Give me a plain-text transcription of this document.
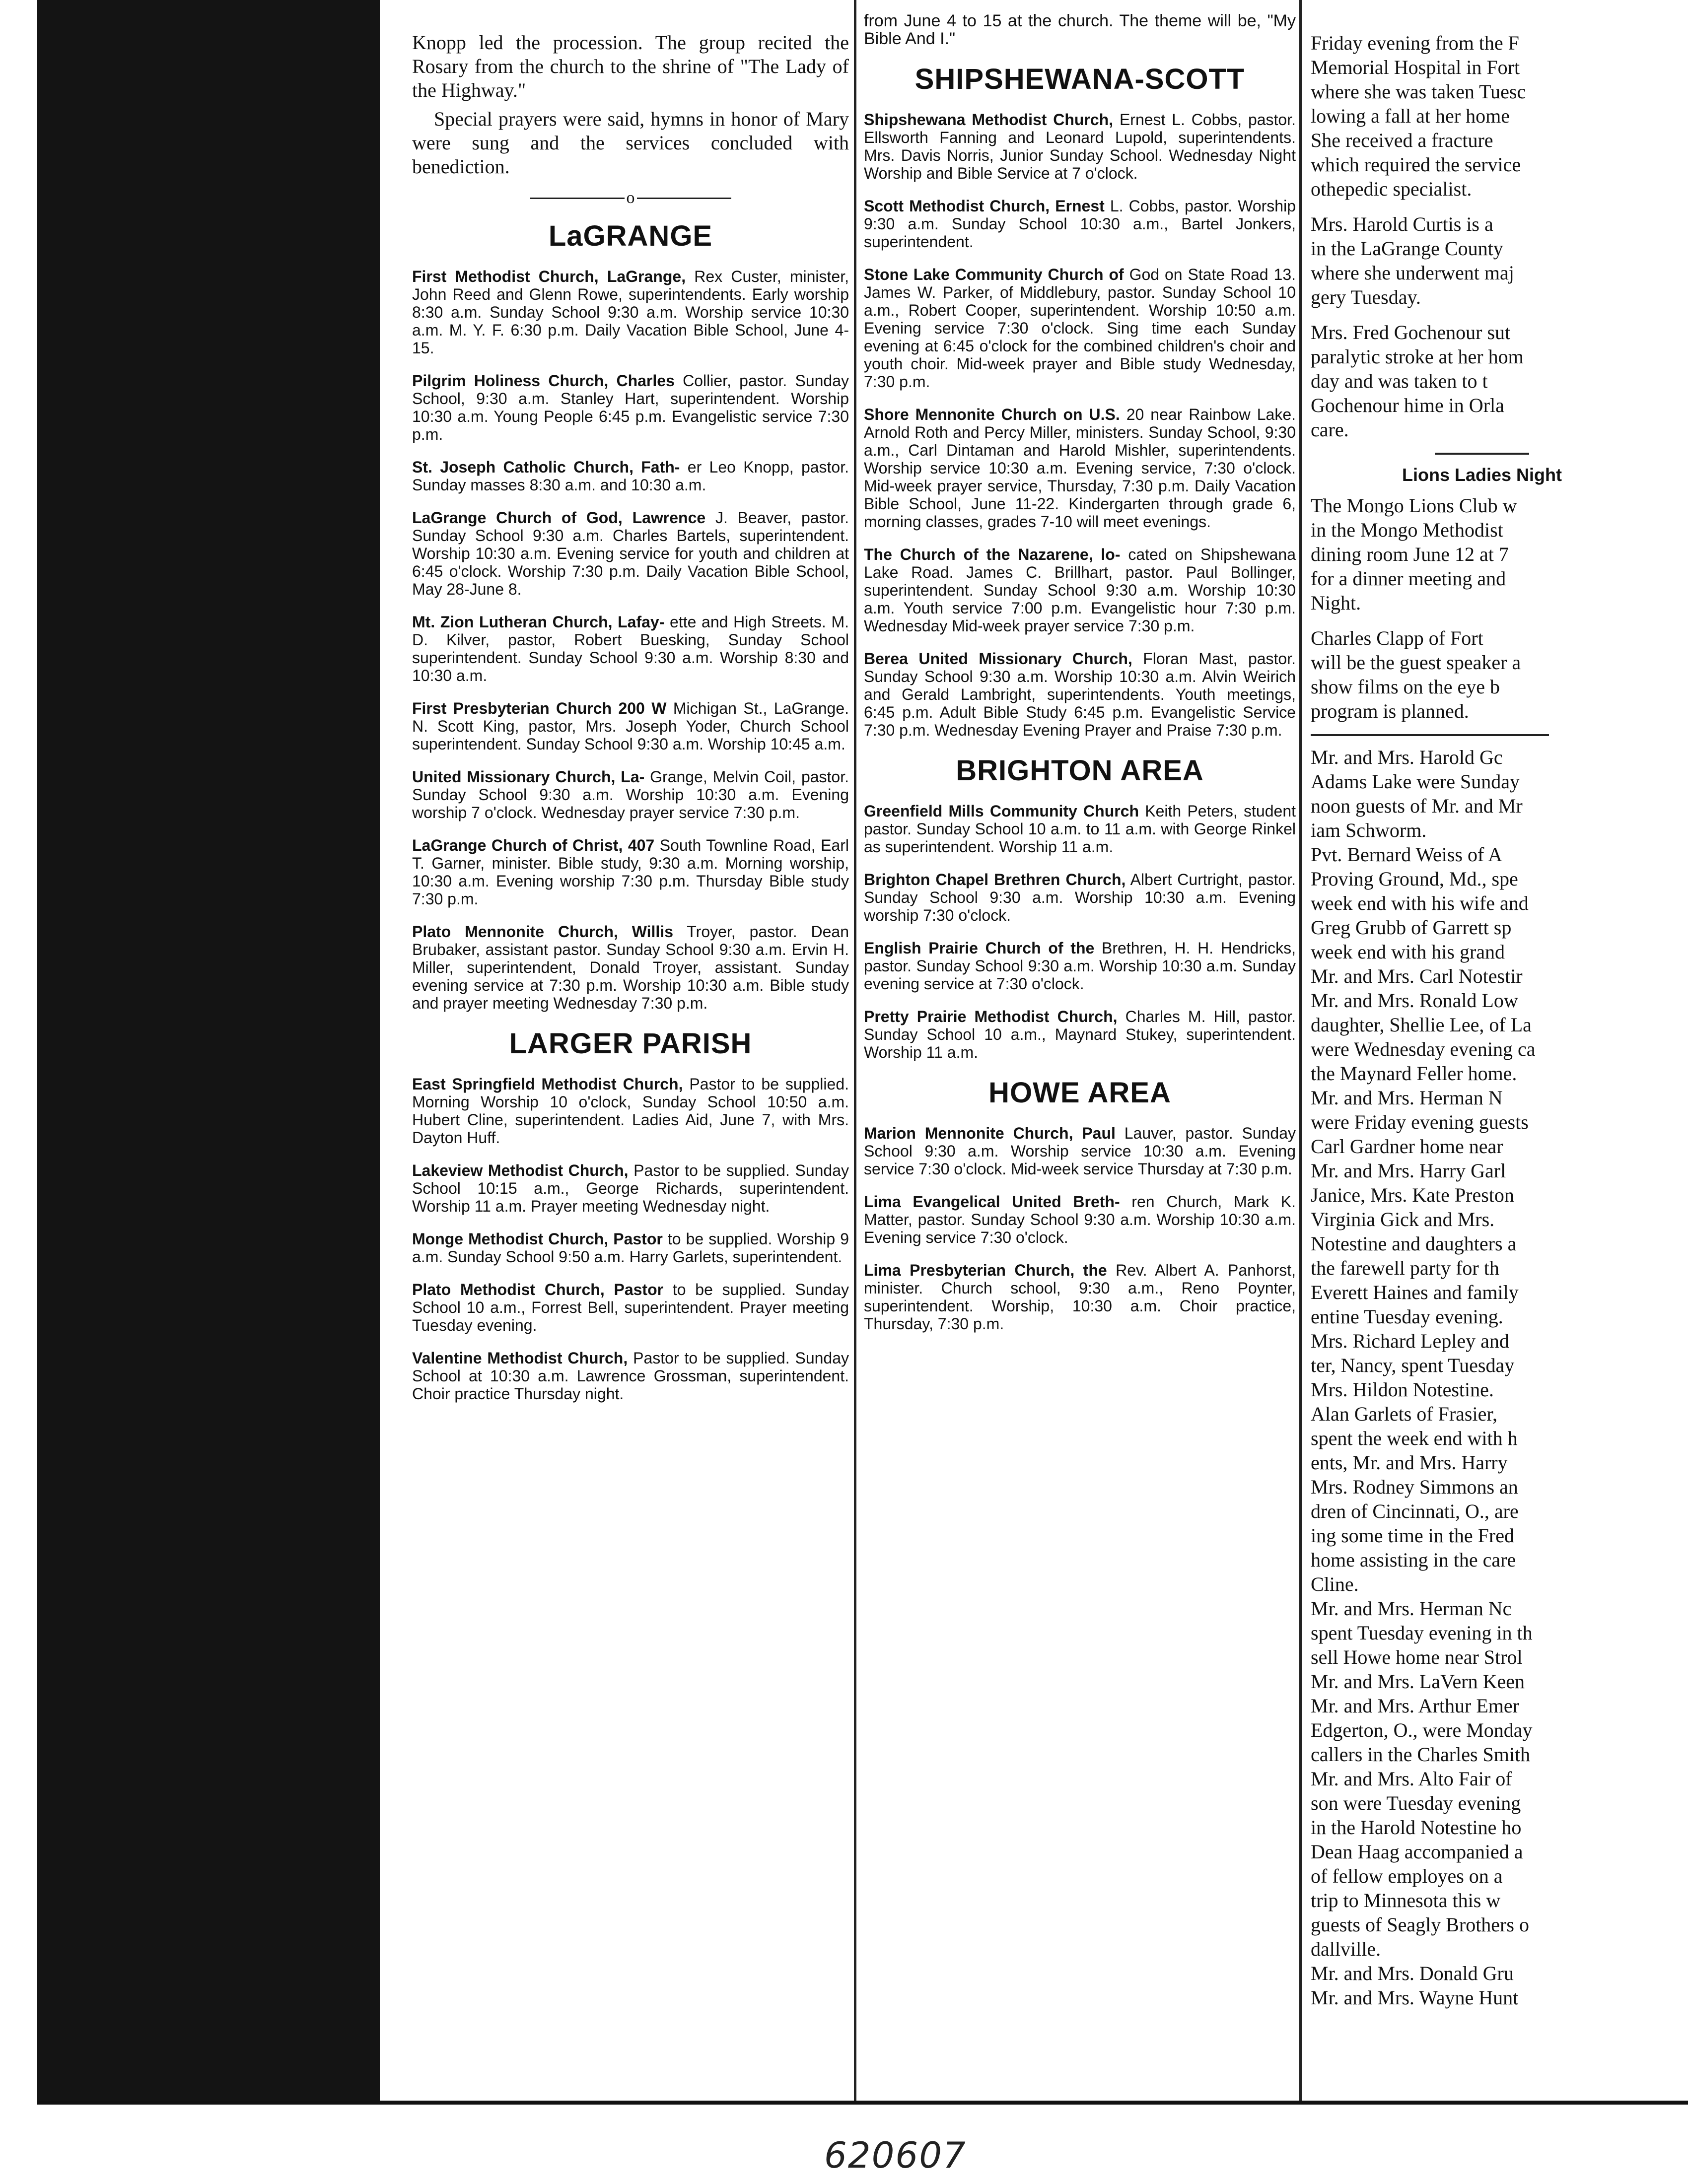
Knopp led the procession. The group recited the Rosary from the church to the shrine of "The Lady of the Highway."

Special prayers were said, hymns in honor of Mary were sung and the services concluded with benediction.

o
LaGRANGE

First Methodist Church, LaGrange, Rex Custer, minister, John Reed and Glenn Rowe, superintendents. Early worship 8:30 a.m. Sunday School 9:30 a.m. Worship service 10:30 a.m. M. Y. F. 6:30 p.m. Daily Vacation Bible School, June 4-15.

Pilgrim Holiness Church, Charles Collier, pastor. Sunday School, 9:30 a.m. Stanley Hart, superintendent. Worship 10:30 a.m. Young People 6:45 p.m. Evangelistic service 7:30 p.m.

St. Joseph Catholic Church, Fath- er Leo Knopp, pastor. Sunday masses 8:30 a.m. and 10:30 a.m.

LaGrange Church of God, Lawrence J. Beaver, pastor. Sunday School 9:30 a.m. Charles Bartels, superintendent. Worship 10:30 a.m. Evening service for youth and children at 6:45 o'clock. Worship 7:30 p.m. Daily Vacation Bible School, May 28-June 8.

Mt. Zion Lutheran Church, Lafay- ette and High Streets. M. D. Kilver, pastor, Robert Buesking, Sunday School superintendent. Sunday School 9:30 a.m. Worship 8:30 and 10:30 a.m.

First Presbyterian Church 200 W Michigan St., LaGrange. N. Scott King, pastor, Mrs. Joseph Yoder, Church School superintendent. Sunday School 9:30 a.m. Worship 10:45 a.m.

United Missionary Church, La- Grange, Melvin Coil, pastor. Sunday School 9:30 a.m. Worship 10:30 a.m. Evening worship 7 o'clock. Wednesday prayer service 7:30 p.m.

LaGrange Church of Christ, 407 South Townline Road, Earl T. Garner, minister. Bible study, 9:30 a.m. Morning worship, 10:30 a.m. Evening worship 7:30 p.m. Thursday Bible study 7:30 p.m.

Plato Mennonite Church, Willis Troyer, pastor. Dean Brubaker, assistant pastor. Sunday School 9:30 a.m. Ervin H. Miller, superintendent, Donald Troyer, assistant. Sunday evening service at 7:30 p.m. Worship 10:30 a.m. Bible study and prayer meeting Wednesday 7:30 p.m.

LARGER PARISH

East Springfield Methodist Church, Pastor to be supplied. Morning Worship 10 o'clock, Sunday School 10:50 a.m. Hubert Cline, superintendent. Ladies Aid, June 7, with Mrs. Dayton Huff.

Lakeview Methodist Church, Pastor to be supplied. Sunday School 10:15 a.m., George Richards, superintendent. Worship 11 a.m. Prayer meeting Wednesday night.

Monge Methodist Church, Pastor to be supplied. Worship 9 a.m. Sunday School 9:50 a.m. Harry Garlets, superintendent.

Plato Methodist Church, Pastor to be supplied. Sunday School 10 a.m., Forrest Bell, superintendent. Prayer meeting Tuesday evening.

Valentine Methodist Church, Pastor to be supplied. Sunday School at 10:30 a.m. Lawrence Grossman, superintendent. Choir practice Thursday night.

from June 4 to 15 at the church. The theme will be, "My Bible And I."

SHIPSHEWANA-SCOTT

Shipshewana Methodist Church, Ernest L. Cobbs, pastor. Ellsworth Fanning and Leonard Lupold, superintendents. Mrs. Davis Norris, Junior Sunday School. Wednesday Night Worship and Bible Service at 7 o'clock.

Scott Methodist Church, Ernest L. Cobbs, pastor. Worship 9:30 a.m. Sunday School 10:30 a.m., Bartel Jonkers, superintendent.

Stone Lake Community Church of God on State Road 13. James W. Parker, of Middlebury, pastor. Sunday School 10 a.m., Robert Cooper, superintendent. Worship 10:50 a.m. Evening service 7:30 o'clock. Sing time each Sunday evening at 6:45 o'clock for the combined children's choir and youth choir. Mid-week prayer and Bible study Wednesday, 7:30 p.m.

Shore Mennonite Church on U.S. 20 near Rainbow Lake. Arnold Roth and Percy Miller, ministers. Sunday School, 9:30 a.m., Carl Dintaman and Harold Mishler, superintendents. Worship service 10:30 a.m. Evening service, 7:30 o'clock. Mid-week prayer service, Thursday, 7:30 p.m. Daily Vacation Bible School, June 11-22. Kindergarten through grade 6, morning classes, grades 7-10 will meet evenings.

The Church of the Nazarene, lo- cated on Shipshewana Lake Road. James C. Brillhart, pastor. Paul Bollinger, superintendent. Sunday School 9:30 a.m. Worship 10:30 a.m. Youth service 7:00 p.m. Evangelistic hour 7:30 p.m. Wednesday Mid-week prayer service 7:30 p.m.

Berea United Missionary Church, Floran Mast, pastor. Sunday School 9:30 a.m. Worship 10:30 a.m. Alvin Weirich and Gerald Lambright, superintendents. Youth meetings, 6:45 p.m. Adult Bible Study 6:45 p.m. Evangelistic Service 7:30 p.m. Wednesday Evening Prayer and Praise 7:30 p.m.

BRIGHTON AREA

Greenfield Mills Community Church Keith Peters, student pastor. Sunday School 10 a.m. to 11 a.m. with George Rinkel as superintendent. Worship 11 a.m.

Brighton Chapel Brethren Church, Albert Curtright, pastor. Sunday School 9:30 a.m. Worship 10:30 a.m. Evening worship 7:30 o'clock.

English Prairie Church of the Brethren, H. H. Hendricks, pastor. Sunday School 9:30 a.m. Worship 10:30 a.m. Sunday evening service at 7:30 o'clock.

Pretty Prairie Methodist Church, Charles M. Hill, pastor. Sunday School 10 a.m., Maynard Stukey, superintendent. Worship 11 a.m.

HOWE AREA

Marion Mennonite Church, Paul Lauver, pastor. Sunday School 9:30 a.m. Worship service 10:30 a.m. Evening service 7:30 o'clock. Mid-week service Thursday at 7:30 p.m.

Lima Evangelical United Breth- ren Church, Mark K. Matter, pastor. Sunday School 9:30 a.m. Worship 10:30 a.m. Evening service 7:30 o'clock.

Lima Presbyterian Church, the Rev. Albert A. Panhorst, minister. Church school, 9:30 a.m., Reno Poynter, superintendent. Worship, 10:30 a.m. Choir practice, Thursday, 7:30 p.m.

Friday evening from the F
Memorial Hospital in Fort
where she was taken Tuesc
lowing a fall at her home
She received a fracture
which required the service
othepedic specialist.
Mrs. Harold Curtis is a
in the LaGrange County
where she underwent maj
gery Tuesday.
Mrs. Fred Gochenour sut
paralytic stroke at her hom
day and was taken to t
Gochenour hime in Orla
care.
Lions Ladies Night
The Mongo Lions Club w
in the Mongo Methodist
dining room June 12 at 7
for a dinner meeting and
Night.
Charles Clapp of Fort
will be the guest speaker a
show films on the eye b
program is planned.
Mr. and Mrs. Harold Gc
Adams Lake were Sunday
noon guests of Mr. and Mr
iam Schworm.
Pvt. Bernard Weiss of A
Proving Ground, Md., spe
week end with his wife and
Greg Grubb of Garrett sp
week end with his grand
Mr. and Mrs. Carl Notestir
Mr. and Mrs. Ronald Low
daughter, Shellie Lee, of La
were Wednesday evening ca
the Maynard Feller home.
Mr. and Mrs. Herman N
were Friday evening guests
Carl Gardner home near
Mr. and Mrs. Harry Garl
Janice, Mrs. Kate Preston
Virginia Gick and Mrs.
Notestine and daughters a
the farewell party for th
Everett Haines and family
entine Tuesday evening.
Mrs. Richard Lepley and
ter, Nancy, spent Tuesday
Mrs. Hildon Notestine.
Alan Garlets of Frasier,
spent the week end with h
ents, Mr. and Mrs. Harry
Mrs. Rodney Simmons an
dren of Cincinnati, O., are
ing some time in the Fred
home assisting in the care
Cline.
Mr. and Mrs. Herman Nc
spent Tuesday evening in th
sell Howe home near Strol
Mr. and Mrs. LaVern Keen
Mr. and Mrs. Arthur Emer
Edgerton, O., were Monday
callers in the Charles Smith
Mr. and Mrs. Alto Fair of
son were Tuesday evening
in the Harold Notestine ho
Dean Haag accompanied a
of fellow employes on a
trip to Minnesota this w
guests of Seagly Brothers o
dallville.
Mr. and Mrs. Donald Gru
Mr. and Mrs. Wayne Hunt
620607
